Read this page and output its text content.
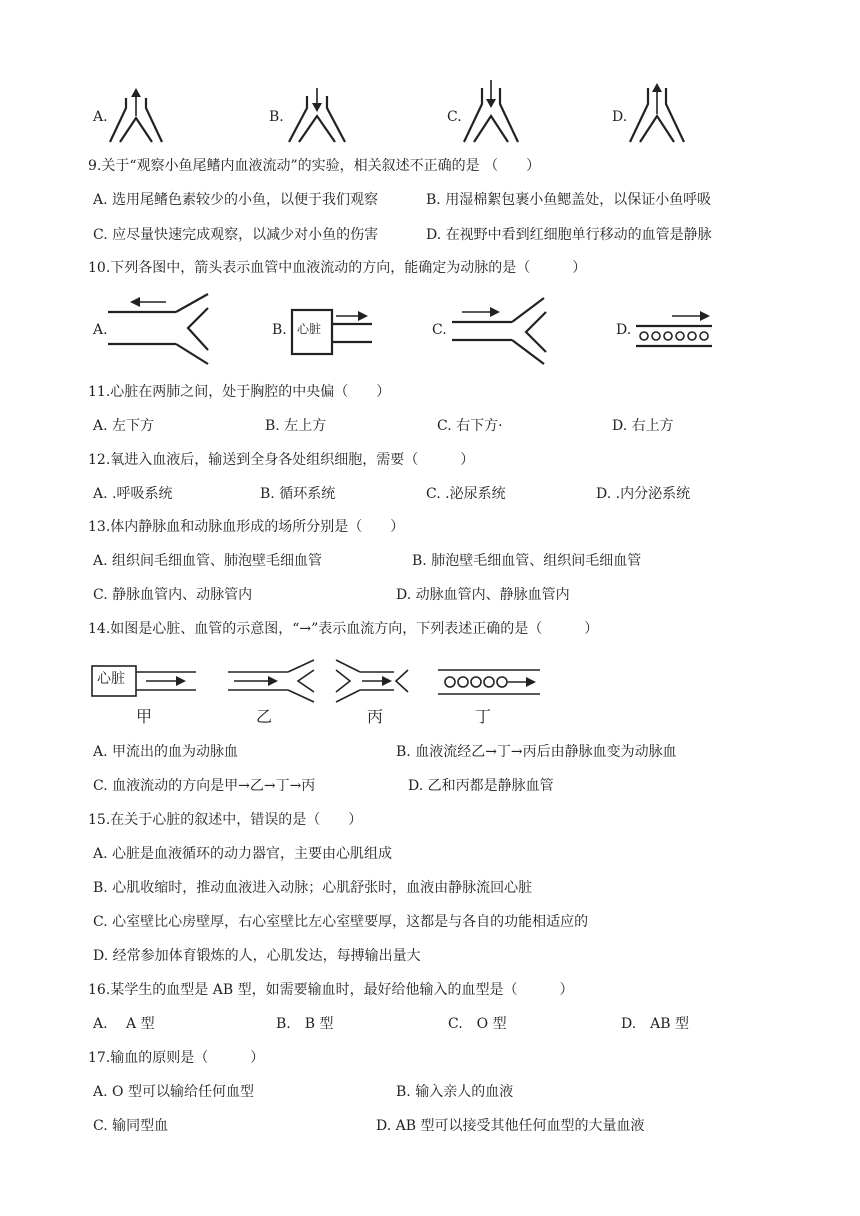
A.	B.	C.	D.
9.关于“观察小鱼尾鳍内血液流动”的实验，相关叙述不正确的是 （　　）
A. 选用尾鳍色素较少的小鱼，以便于我们观察	B. 用湿棉絮包裹小鱼鳃盖处，以保证小鱼呼吸
C. 应尽量快速完成观察，以减少对小鱼的伤害	D. 在视野中看到红细胞单行移动的血管是静脉
10.下列各图中，箭头表示血管中血液流动的方向，能确定为动脉的是（　　　）
A.	B. 心脏	C.	D.
11.心脏在两肺之间，处于胸腔的中央偏（　　）
A. 左下方	B. 左上方	C. 右下方·	D. 右上方
12.氧进入血液后，输送到全身各处组织细胞，需要（　　　）
A. .呼吸系统	B. 循环系统	C. .泌尿系统	D. .内分泌系统
13.体内静脉血和动脉血形成的场所分别是（　　）
A. 组织间毛细血管、肺泡壁毛细血管	B. 肺泡壁毛细血管、组织间毛细血管
C. 静脉血管内、动脉管内	D. 动脉血管内、静脉血管内
14.如图是心脏、血管的示意图，“→”表示血流方向，下列表述正确的是（　　　）
心脏
甲	乙	丙	丁
A. 甲流出的血为动脉血	B. 血液流经乙→丁→丙后由静脉血变为动脉血
C. 血液流动的方向是甲→乙→丁→丙	D. 乙和丙都是静脉血管
15.在关于心脏的叙述中，错误的是（　　）
A. 心脏是血液循环的动力器官，主要由心肌组成
B. 心肌收缩时，推动血液进入动脉；心肌舒张时，血液由静脉流回心脏
C. 心室壁比心房壁厚，右心室壁比左心室壁要厚，这都是与各自的功能相适应的
D. 经常参加体育锻炼的人，心肌发达，每搏输出量大
16.某学生的血型是 AB 型，如需要输血时，最好给他输入的血型是（　　　）
A.　 A 型	B.　B 型	C.　O 型	D.　AB 型
17.输血的原则是（　　　）
A. O 型可以输给任何血型	B. 输入亲人的血液
C. 输同型血	D. AB 型可以接受其他任何血型的大量血液
